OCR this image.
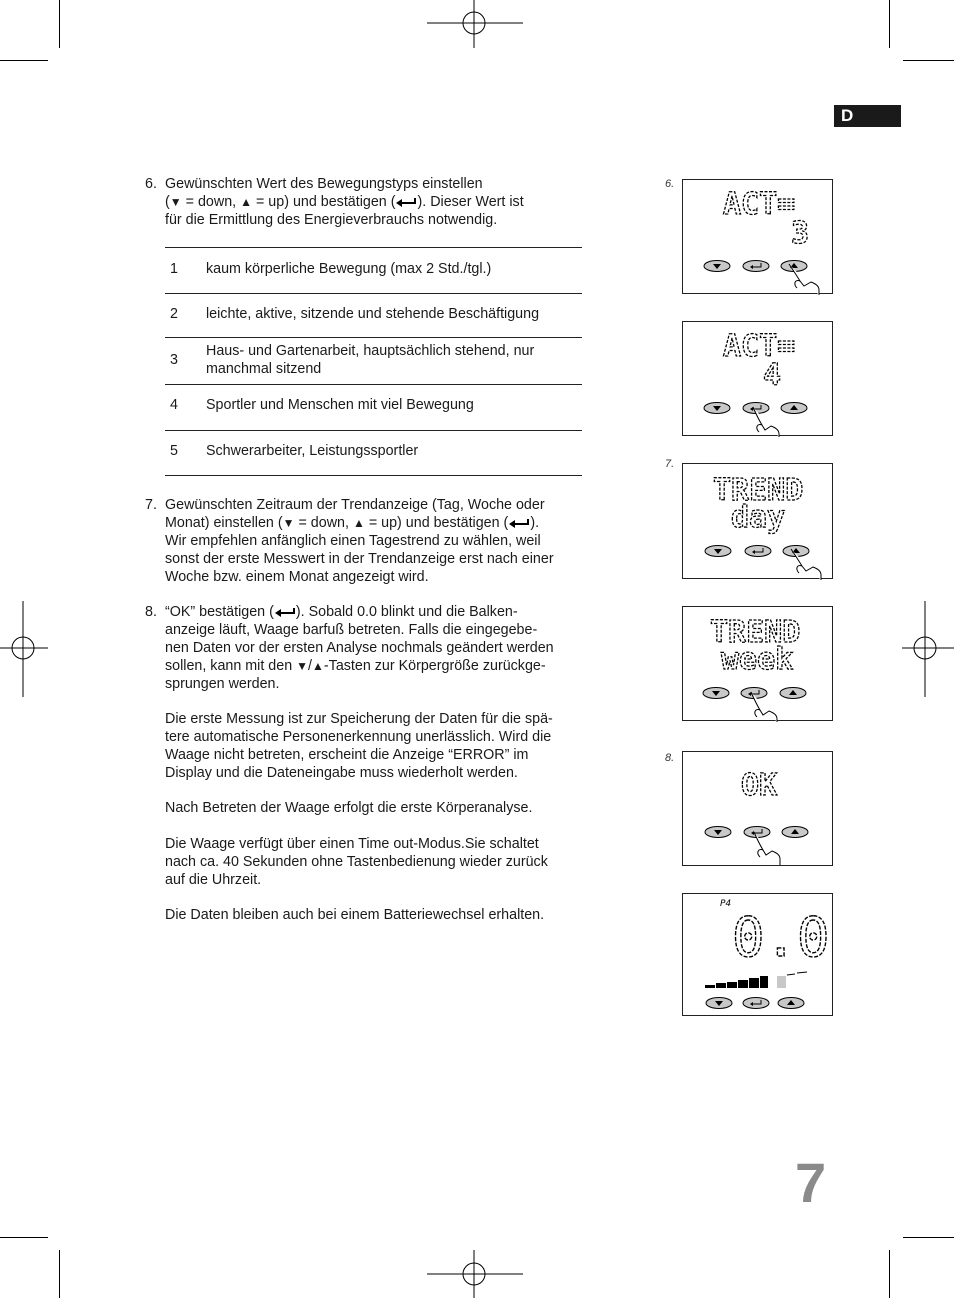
D
6. Gewünschten Wert des Bewegungstyps einstellen
(▼ = down, ▲ = up) und bestätigen ( ). Dieser Wert ist
für die Ermittlung des Energieverbrauchs notwendig.
1 kaum körperliche Bewegung (max 2 Std./tgl.)
2 leichte, aktive, sitzende und stehende Beschäftigung
3
Haus- und Gartenarbeit, hauptsächlich stehend, nur
manchmal sitzend
4 Sportler und Menschen mit viel Bewegung
5 Schwerarbeiter, Leistungssportler
7. Gewünschten Zeitraum der Trendanzeige (Tag, Woche oder
Monat) einstellen (▼ = down, ▲ = up) und bestätigen ( ).
Wir empfehlen anfänglich einen Tagestrend zu wählen, weil
sonst der erste Messwert in der Trendanzeige erst nach einer
Woche bzw. einem Monat angezeigt wird.
8. “OK” bestätigen ( ). Sobald 0.0 blinkt und die Balken-
anzeige läuft, Waage barfuß betreten. Falls die eingegebe-
nen Daten vor der ersten Analyse nochmals geändert werden
sollen, kann mit den ▼/▲-Tasten zur Körpergröße zurückge-
sprungen werden.
Die erste Messung ist zur Speicherung der Daten für die spä-
tere automatische Personenerkennung unerlässlich. Wird die
Waage nicht betreten, erscheint die Anzeige “ERROR” im
Display und die Dateneingabe muss wiederholt werden.
Nach Betreten der Waage erfolgt die erste Körperanalyse.
Die Waage verfügt über einen Time out-Modus.Sie schaltet
nach ca. 40 Sekunden ohne Tastenbedienung wieder zurück
auf die Uhrzeit.
Die Daten bleiben auch bei einem Batteriewechsel erhalten.
6.
7.
8.
ACT=
3
ACT=
4
TREND
day
TREND
week
OK
P4
0.0
7
